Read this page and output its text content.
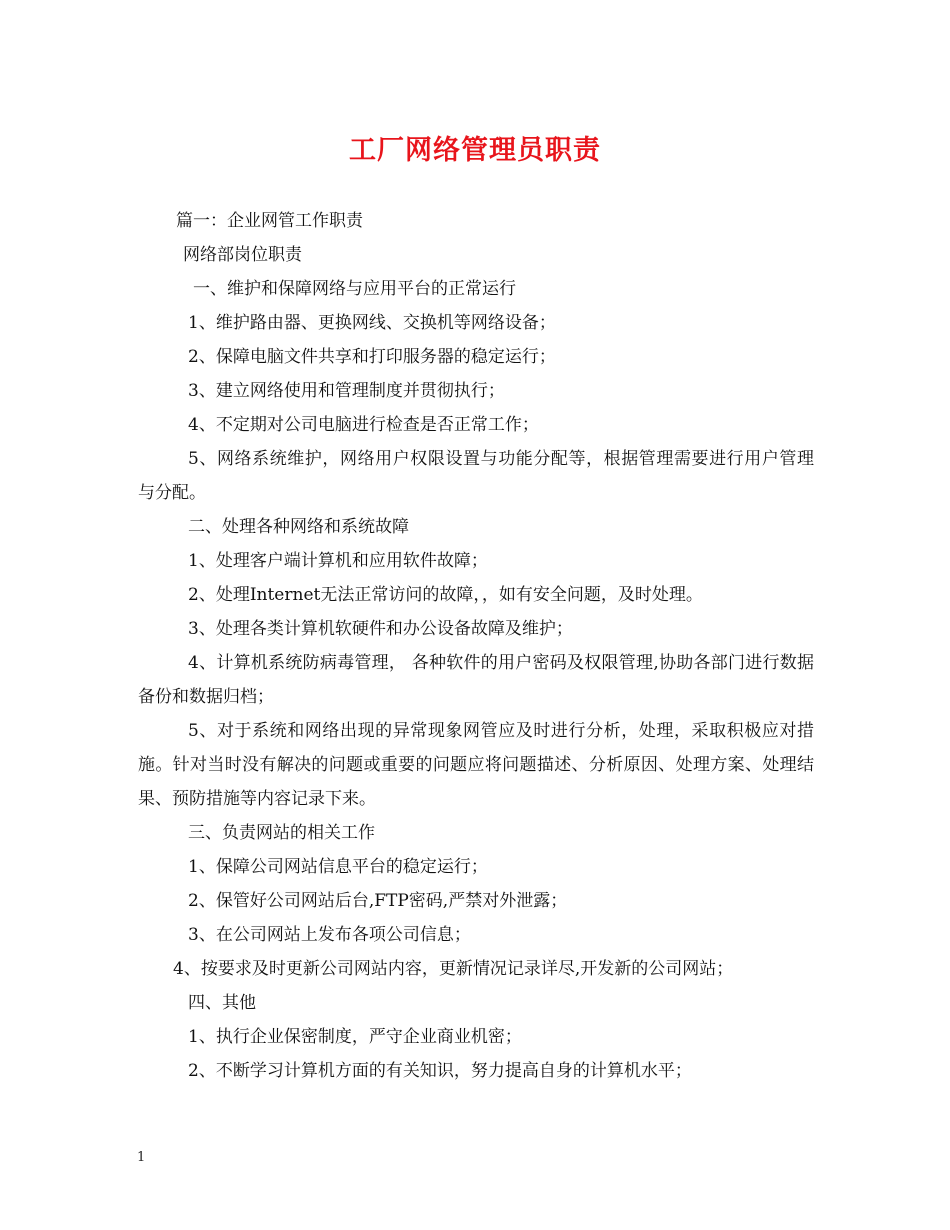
工厂网络管理员职责
篇一：企业网管工作职责
网络部岗位职责
一、维护和保障网络与应用平台的正常运行
1、维护路由器、更换网线、交换机等网络设备；
2、保障电脑文件共享和打印服务器的稳定运行；
3、建立网络使用和管理制度并贯彻执行；
4、不定期对公司电脑进行检查是否正常工作；
5、网络系统维护，网络用户权限设置与功能分配等，根据管理需要进行用户管理 与分配。
二、处理各种网络和系统故障
1、处理客户端计算机和应用软件故障；
2、处理Internet无法正常访问的故障，，如有安全问题，及时处理。
3、处理各类计算机软硬件和办公设备故障及维护；
4、计算机系统防病毒管理， 各种软件的用户密码及权限管理,协助各部门进行数据备份和数据归档；
5、对于系统和网络出现的异常现象网管应及时进行分析，处理，采取积极应对措施。针对当时没有解决的问题或重要的问题应将问题描述、分析原因、处理方案、处理结果、预防措施等内容记录下来。
三、负责网站的相关工作
1、保障公司网站信息平台的稳定运行；
2、保管好公司网站后台,FTP密码,严禁对外泄露；
3、在公司网站上发布各项公司信息；
4、按要求及时更新公司网站内容，更新情况记录详尽,开发新的公司网站；
四、其他
1、执行企业保密制度，严守企业商业机密；
2、不断学习计算机方面的有关知识，努力提高自身的计算机水平；
1
